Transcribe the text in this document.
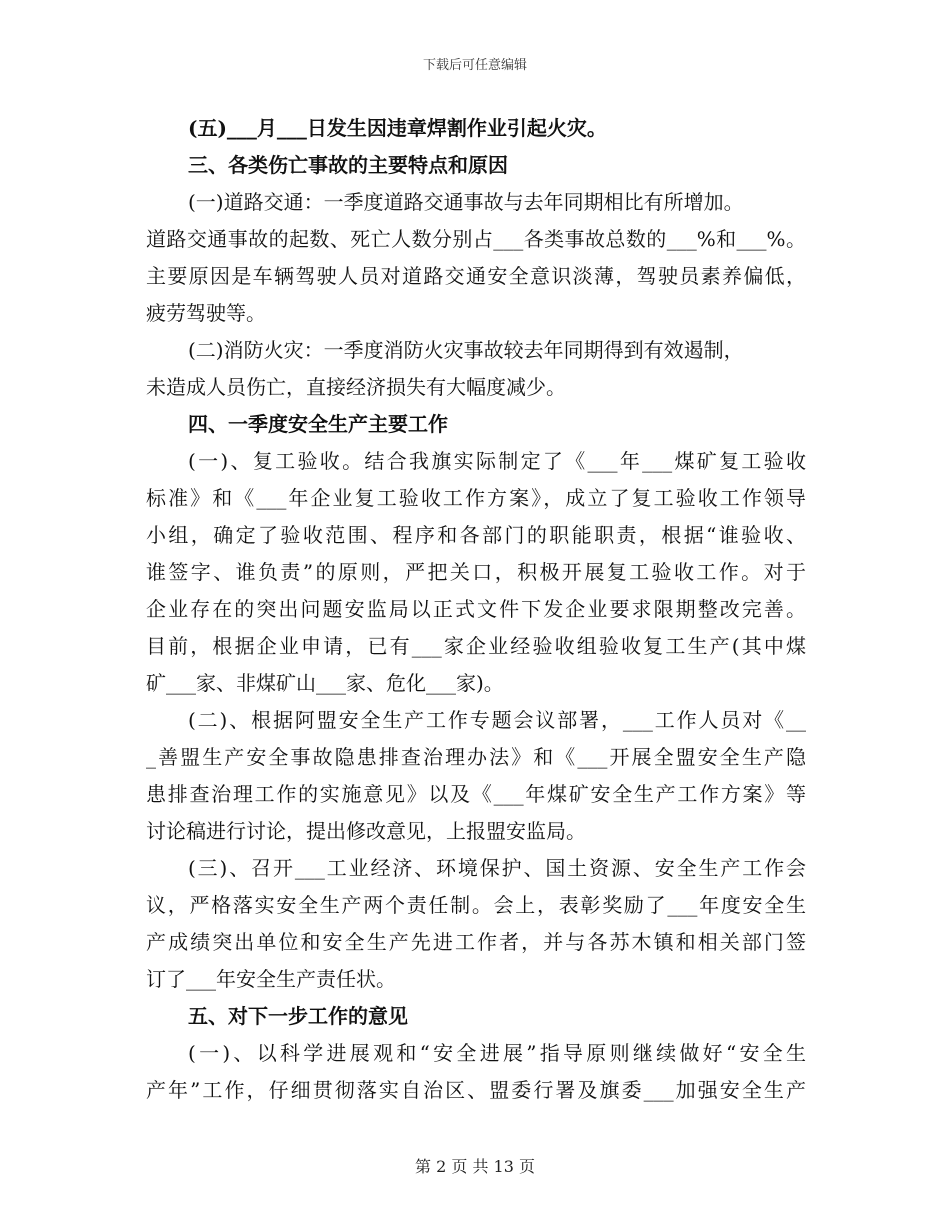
下载后可任意编辑
(五)___月___日发生因违章焊割作业引起火灾。
三、各类伤亡事故的主要特点和原因
(一)道路交通：一季度道路交通事故与去年同期相比有所增加。
道路交通事故的起数、死亡人数分别占___各类事故总数的___%和___%。
主要原因是车辆驾驶人员对道路交通安全意识淡薄，驾驶员素养偏低，
疲劳驾驶等。
(二)消防火灾：一季度消防火灾事故较去年同期得到有效遏制，
未造成人员伤亡，直接经济损失有大幅度减少。
四、一季度安全生产主要工作
(一)、复工验收。结合我旗实际制定了《___年___煤矿复工验收
标准》和《___年企业复工验收工作方案》，成立了复工验收工作领导
小组，确定了验收范围、程序和各部门的职能职责，根据“谁验收、
谁签字、谁负责”的原则，严把关口，积极开展复工验收工作。对于
企业存在的突出问题安监局以正式文件下发企业要求限期整改完善。
目前，根据企业申请，已有___家企业经验收组验收复工生产(其中煤
矿___家、非煤矿山___家、危化___家)。
(二)、根据阿盟安全生产工作专题会议部署，___工作人员对《__
_善盟生产安全事故隐患排查治理办法》和《___开展全盟安全生产隐
患排查治理工作的实施意见》以及《___年煤矿安全生产工作方案》等
讨论稿进行讨论，提出修改意见，上报盟安监局。
(三)、召开___工业经济、环境保护、国土资源、安全生产工作会
议，严格落实安全生产两个责任制。会上，表彰奖励了___年度安全生
产成绩突出单位和安全生产先进工作者，并与各苏木镇和相关部门签
订了___年安全生产责任状。
五、对下一步工作的意见
(一)、以科学进展观和“安全进展”指导原则继续做好“安全生
产年”工作，仔细贯彻落实自治区、盟委行署及旗委___加强安全生产
第 2 页 共 13 页
